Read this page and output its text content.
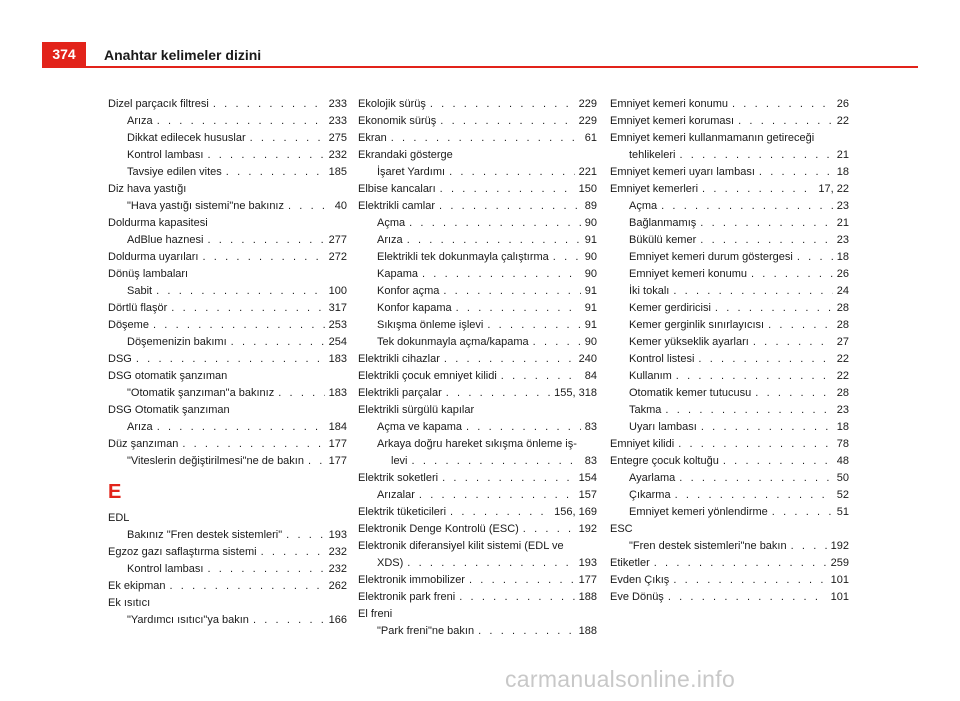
374	Anahtar kelimeler dizini
Dizel parçacık filtresi . . .	233
Arıza . . .	233
Dikkat edilecek hususlar . . .	275
Kontrol lambası . . .	232
Tavsiye edilen vites . . .	185
Diz hava yastığı
"Hava yastığı sistemi"ne bakınız . . .	40
Doldurma kapasitesi
AdBlue haznesi . . .	277
Doldurma uyarıları . . .	272
Dönüş lambaları
Sabit . . .	100
Dörtlü flaşör . . .	317
Döşeme . . .	253
Döşemenizin bakımı . . .	254
DSG . . .	183
DSG otomatik şanzıman
"Otomatik şanzıman"a bakınız . . .	183
DSG Otomatik şanzıman
Arıza . . .	184
Düz şanzıman . . .	177
"Viteslerin değiştirilmesi"ne de bakın . . . 177
E
EDL
Bakınız "Fren destek sistemleri" . . .	193
Egzoz gazı saflaştırma sistemi . . .	232
Kontrol lambası . . .	232
Ek ekipman . . .	262
Ek ısıtıcı
"Yardımcı ısıtıcı"ya bakın . . .	166
Ekolojik sürüş . . .	229
Ekonomik sürüş . . .	229
Ekran . . .	61
Ekrandaki gösterge
İşaret Yardımı . . .	221
Elbise kancaları . . .	150
Elektrikli camlar . . .	89
Açma . . .	90
Arıza . . .	91
Elektrikli tek dokunmayla çalıştırma . . .	90
Kapama . . .	90
Konfor açma . . .	91
Konfor kapama . . .	91
Sıkışma önleme işlevi . . .	91
Tek dokunmayla açma/kapama . . .	90
Elektrikli cihazlar . . .	240
Elektrikli çocuk emniyet kilidi . . .	84
Elektrikli parçalar . . .	155, 318
Elektrikli sürgülü kapılar
Açma ve kapama . . .	83
Arkaya doğru hareket sıkışma önleme iş-
levi . . .	83
Elektrik soketleri . . .	154
Arızalar . . .	157
Elektrik tüketicileri . . .	156, 169
Elektronik Denge Kontrolü (ESC) . . .	192
Elektronik diferansiyel kilit sistemi (EDL ve
XDS) . . .	193
Elektronik immobilizer . . .	177
Elektronik park freni . . .	188
El freni
"Park freni"ne bakın . . .	188
Emniyet kemeri konumu . . .	26
Emniyet kemeri koruması . . .	22
Emniyet kemeri kullanmamanın getireceği
tehlikeleri . . .	21
Emniyet kemeri uyarı lambası . . .	18
Emniyet kemerleri . . .	17, 22
Açma . . .	23
Bağlanmamış . . .	21
Bükülü kemer . . .	23
Emniyet kemeri durum göstergesi . . .	18
Emniyet kemeri konumu . . .	26
İki tokalı . . .	24
Kemer gerdiricisi . . .	28
Kemer gerginlik sınırlayıcısı . . .	28
Kemer yükseklik ayarları . . .	27
Kontrol listesi . . .	22
Kullanım . . .	22
Otomatik kemer tutucusu . . .	28
Takma . . .	23
Uyarı lambası . . .	18
Emniyet kilidi . . .	78
Entegre çocuk koltuğu . . .	48
Ayarlama . . .	50
Çıkarma . . .	52
Emniyet kemeri yönlendirme . . .	51
ESC
"Fren destek sistemleri"ne bakın . . .	192
Etiketler . . .	259
Evden Çıkış . . .	101
Eve Dönüş . . .	101
carmanualsonline.info
